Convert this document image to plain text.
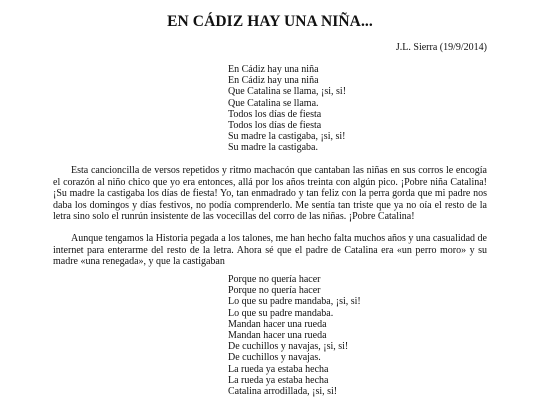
EN CÁDIZ HAY UNA NIÑA...
J.L. Sierra (19/9/2014)
En Cádiz hay una niña
En Cádiz hay una niña
Que Catalina se llama, ¡si, si!
Que Catalina se llama.
Todos los días de fiesta
Todos los días de fiesta
Su madre la castigaba, ¡si, si!
Su madre la castigaba.

Esta cancioncilla de versos repetidos y ritmo machacón que cantaban las niñas en sus corros le encogía el corazón al niño chico que yo era entonces, allá por los años treinta con algún pico. ¡Pobre niña Catalina! ¡Su madre la castigaba los días de fiesta! Yo, tan enmadrado y tan feliz con la perra gorda que mi padre nos daba los domingos y días festivos, no podía comprenderlo. Me sentía tan triste que ya no oía el resto de la letra sino solo el runrún insistente de las vocecillas del corro de las niñas. ¡Pobre Catalina!

Aunque tengamos la Historia pegada a los talones, me han hecho falta muchos años y una casualidad de internet para enterarme del resto de la letra. Ahora sé que el padre de Catalina era «un perro moro» y su madre «una renegada», y que la castigaban

Porque no quería hacer
Porque no quería hacer
Lo que su padre mandaba, ¡si, si!
Lo que su padre mandaba.
Mandan hacer una rueda
Mandan hacer una rueda
De cuchillos y navajas, ¡si, si!
De cuchillos y navajas.
La rueda ya estaba hecha
La rueda ya estaba hecha
Catalina arrodillada, ¡si, si!
